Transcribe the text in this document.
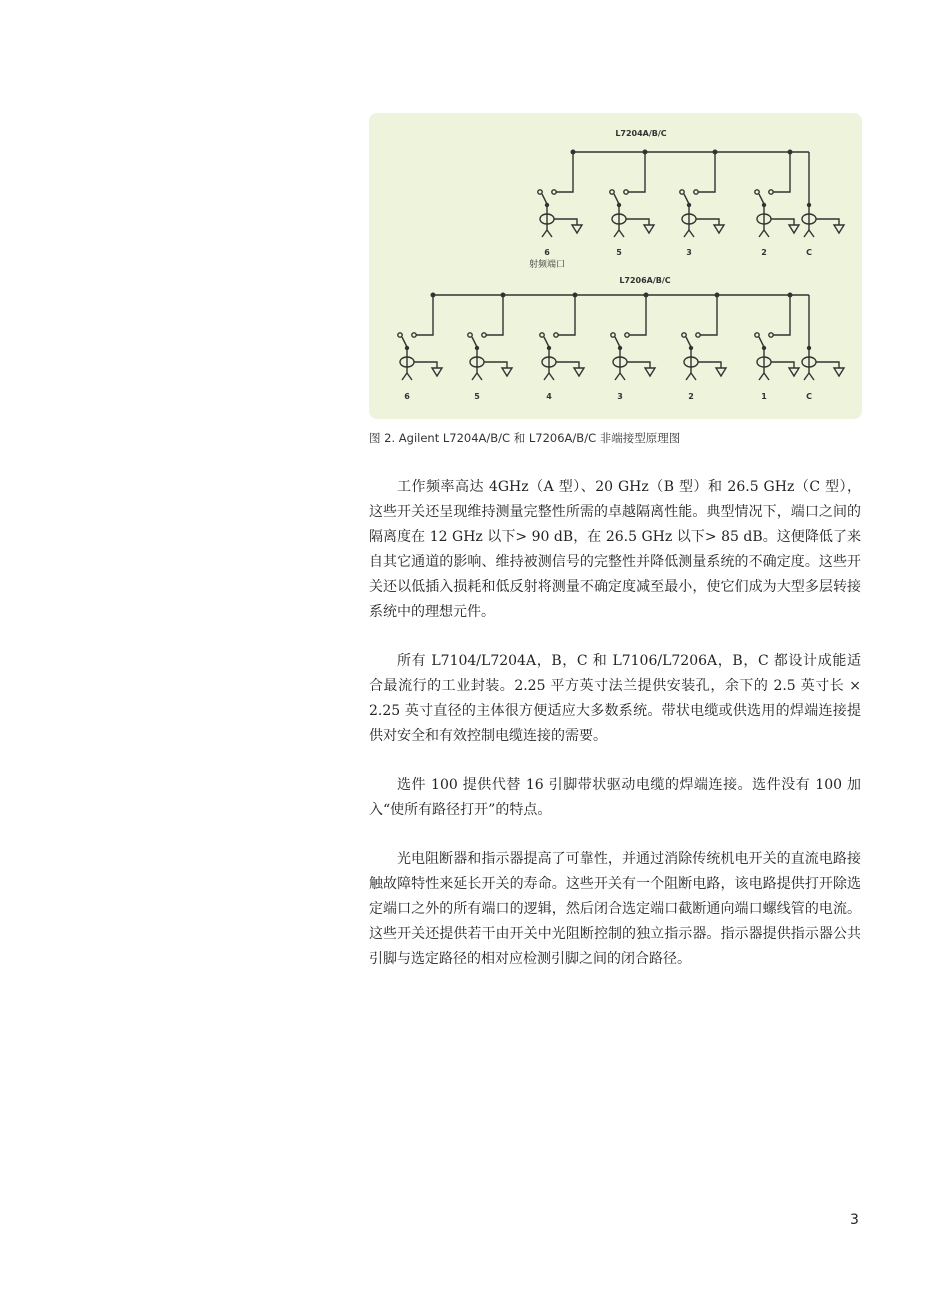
L7204A/B/C
6	5	3	2	C
射频端口
L7206A/B/C
6	5	4	3	2	1	C
图 2. Agilent L7204A/B/C 和 L7206A/B/C 非端接型原理图

工作频率高达 4GHz（A 型）、20 GHz（B 型）和 26.5 GHz（C 型），这些开关还呈现维持测量完整性所需的卓越隔离性能。典型情况下，端口之间的隔离度在 12 GHz 以下> 90 dB，在 26.5 GHz 以下> 85 dB。这便降低了来自其它通道的影响、维持被测信号的完整性并降低测量系统的不确定度。这些开关还以低插入损耗和低反射将测量不确定度减至最小，使它们成为大型多层转接系统中的理想元件。

所有 L7104/L7204A，B，C 和 L7106/L7206A，B，C 都设计成能适合最流行的工业封装。2.25 平方英寸法兰提供安装孔，余下的 2.5 英寸长 × 2.25 英寸直径的主体很方便适应大多数系统。带状电缆或供选用的焊端连接提供对安全和有效控制电缆连接的需要。

选件 100 提供代替 16 引脚带状驱动电缆的焊端连接。选件没有 100 加入“使所有路径打开”的特点。

光电阻断器和指示器提高了可靠性，并通过消除传统机电开关的直流电路接触故障特性来延长开关的寿命。这些开关有一个阻断电路，该电路提供打开除选定端口之外的所有端口的逻辑，然后闭合选定端口截断通向端口螺线管的电流。这些开关还提供若干由开关中光阻断控制的独立指示器。指示器提供指示器公共引脚与选定路径的相对应检测引脚之间的闭合路径。

3
